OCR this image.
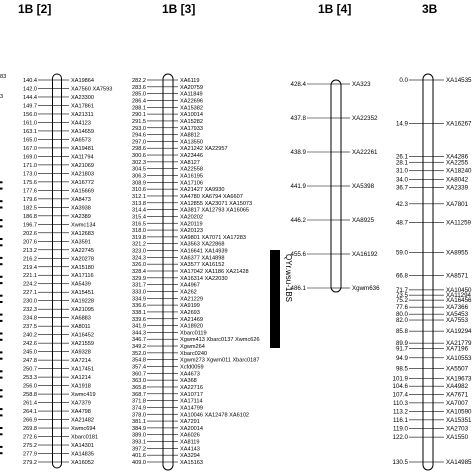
1B [2]	1B [3]	1B [4]	3B
140.4	XA19864
142.0	XA7560 XA7593
144.4	XA23300
149.7	XA17861
156.0	XA21311
161.0	XA4123
163.1	XA14659
165.0	XA6573
167.0	XA19481
169.0	XA11794
171.0	XA21069
173.0	XA21803
175.6	XA16772
177.6	XA15669
179.6	XA8473
182.5	XA3938
186.8	XA2389
196.7	Xwmc134
202.6	XA12683
207.6	XA3591
213.2	XA22745
216.2	XA20278
219.4	XA15180
221.1	XA17116
224.2	XA5439
227.1	XA15451
230.0	XA19228
232.3	XA21095
234.8	XA6883
237.5	XA8011
240.2	XA16452
242.6	XA21559
245.0	XA9328
247.8	XA7214
250.7	XA17451
253.3	XA1214
256.0	XA1918
258.8	Xwmc419
261.4	XA7379
264.1	XA4798
266.9	XA21482
269.8	Xwmc694
272.6	Xbarc0181
275.2	XA14301
277.9	XA14835
279.2	XA16052
83
3
282.2	XA6119
283.6	XA20759
285.0	XA11849
286.4	XA22696
288.1	XA15382
290.1	XA10014
291.5	XA15282
293.0	XA17933
294.6	XA8812
297.0	XA13550
298.6	XA21242 XA22957
300.6	XA23446
302.3	XA8127
304.5	XA22558
306.3	XA16195
308.9	XA17106
310.6	XA21427 XA9930
312.1	XA4780 XA6794 XA6607
313.8	XA12855 XA23071 XA15073
314.4	XA3817 XA12793 XA16065
315.4	XA20202
316.5	XA20119
318.0	XA20123
319.8	XA9801 XA7071 XA17283
321.2	XA3563 XA22868
323.0	XA16641 XA14939
324.3	XA6377 XA14898
326.0	XA3577 XA16152
328.4	XA17042 XA1186 XA21428
329.9	XA16314 XA22030
331.7	XA4967
333.0	XA262
334.9	XA21229
336.6	XA9199
338.1	XA2693
339.6	XA21469
341.9	XA18920
344.3	Xbarc0119
346.7	Xgwm413 Xbarc0137 Xwmc626
349.2	Xgwm264
352.0	Xbarc0240
354.8	Xgwm273 Xgwm011 Xbarc0187
357.4	Xcfd0059
360.7	XA4673
363.0	XA368
365.8	XA22716
368.7	XA10717
371.8	XA17114
374.9	XA14799
378.0	XA10046 XA12478 XA6102
381.1	XA7291
384.9	XA20014
389.0	XA6026
393.1	XA8119
397.2	XA4143
401.6	XA3294
409.0	XA15163
428.4	XA323
437.8	XA22352
438.9	XA22261
441.9	XA5398
446.2	XA8925
455.6	XA16192
486.1	Xgwm636
0.0	XA14535
14.9	XA16267
26.1	XA4286
28.1	XA2255
31.0	XA18240
34.0	XA8042
36.7	XA2339
42.3	XA7801
48.7	XA11259
59.0	XA8955
66.8	XA8571
71.7	XA10450
73.5	XA11294
75.2	XA16456
77.6	XA7366
80.0	XA5453
82.0	XA7553
85.8	XA19294
89.9	XA21779
91.7	XA7196
94.9	XA10553
98.5	XA5507
101.9	XA19673
104.6	XA4982
107.4	XA7671
110.3	XA7007
113.2	XA10590
116.1	XA15351
119.0	XA2703
122.0	XA1550
130.5	XA14985
QYr.wsu-1BS
